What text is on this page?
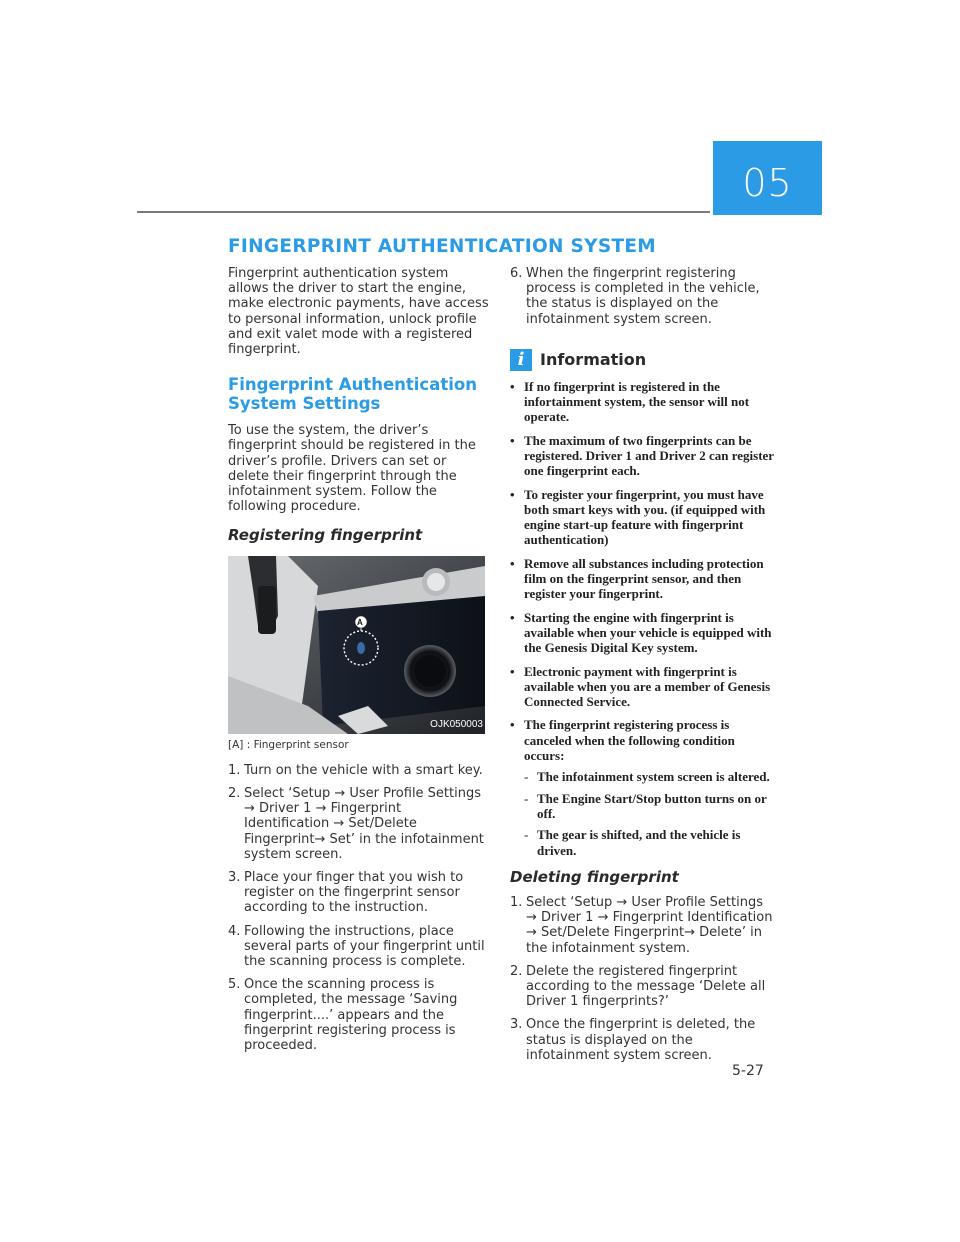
05
FINGERPRINT AUTHENTICATION SYSTEM

Fingerprint authentication system allows the driver to start the engine, make electronic payments, have access to personal information, unlock profile and exit valet mode with a registered fingerprint.

Fingerprint Authentication System Settings

To use the system, the driver’s fingerprint should be registered in the driver’s profile. Drivers can set or delete their fingerprint through the infotainment system. Follow the following procedure.

Registering fingerprint
A
OJK050003
[A] : Fingerprint sensor
1. Turn on the vehicle with a smart key.
2. Select ‘Setup → User Profile Settings → Driver 1 → Fingerprint Identification → Set/Delete Fingerprint→ Set’ in the infotainment system screen.
3. Place your finger that you wish to register on the fingerprint sensor according to the instruction.
4. Following the instructions, place several parts of your fingerprint until the scanning process is complete.
5. Once the scanning process is completed, the message ‘Saving fingerprint....’ appears and the fingerprint registering process is proceeded.
6. When the fingerprint registering process is completed in the vehicle, the status is displayed on the infotainment system screen.
i Information
• If no fingerprint is registered in the infortainment system, the sensor will not operate.
• The maximum of two fingerprints can be registered. Driver 1 and Driver 2 can register one fingerprint each.
• To register your fingerprint, you must have both smart keys with you. (if equipped with engine start-up feature with fingerprint authentication)
• Remove all substances including protection film on the fingerprint sensor, and then register your fingerprint.
• Starting the engine with fingerprint is available when your vehicle is equipped with the Genesis Digital Key system.
• Electronic payment with fingerprint is available when you are a member of Genesis Connected Service.
• The fingerprint registering process is canceled when the following condition occurs:
- The infotainment system screen is altered.
- The Engine Start/Stop button turns on or off.
- The gear is shifted, and the vehicle is driven.
Deleting fingerprint
1. Select ‘Setup → User Profile Settings → Driver 1 → Fingerprint Identification → Set/Delete Fingerprint→ Delete’ in the infotainment system.
2. Delete the registered fingerprint according to the message ‘Delete all Driver 1 fingerprints?’
3. Once the fingerprint is deleted, the status is displayed on the infotainment system screen.
5-27
